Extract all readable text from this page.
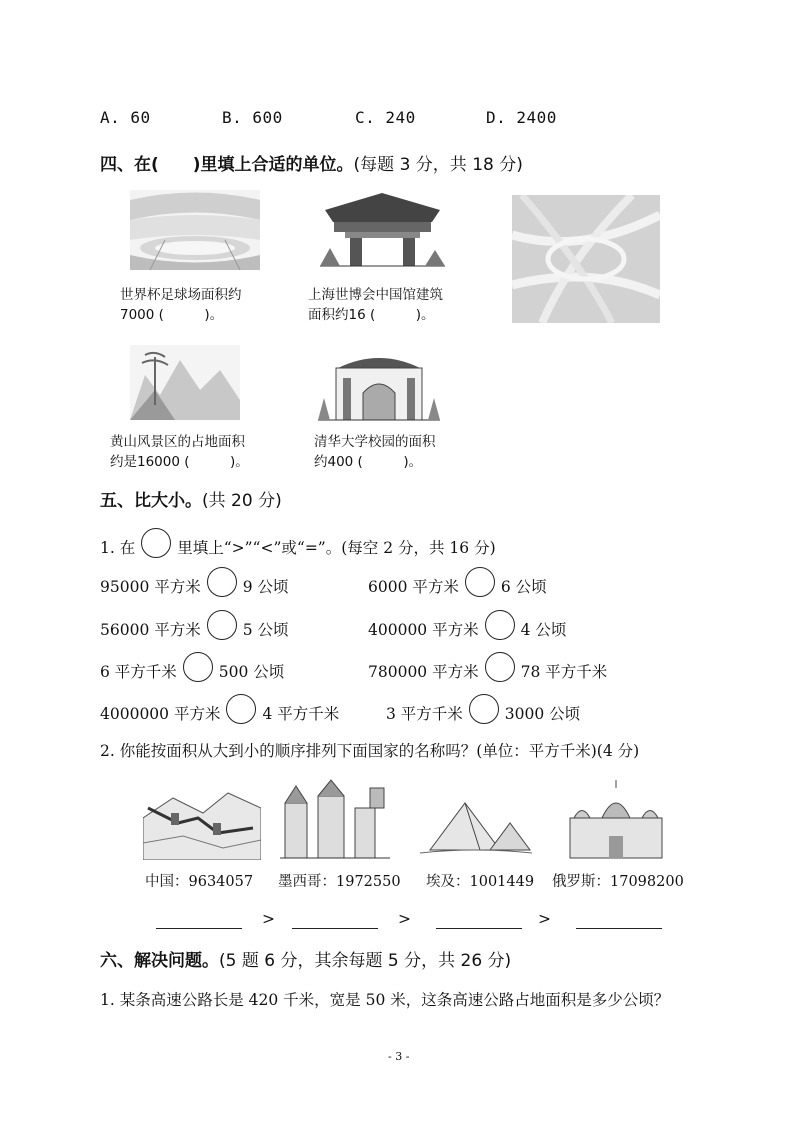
A. 60	B. 600	C. 240	D. 2400
四、在(　　)里填上合适的单位。(每题 3 分，共 18 分)
世界杯足球场面积约
7000 (　　　)。
上海世博会中国馆建筑
面积约16 (　　　)。
黄山风景区的占地面积
约是16000 (　　　)。
清华大学校园的面积
约400 (　　　)。
五、比大小。(共 20 分)
1. 在	里填上“>”“<”或“=”。(每空 2 分，共 16 分)
95000 平方米	9 公顷	6000 平方米	6 公顷
56000 平方米	5 公顷	400000 平方米	4 公顷
6 平方千米	500 公顷	780000 平方米	78 平方千米
4000000 平方米	4 平方千米	3 平方千米	3000 公顷
2. 你能按面积从大到小的顺序排列下面国家的名称吗？(单位：平方千米)(4 分)
中国：9634057 墨西哥：1972550 埃及：1001449 俄罗斯：17098200
>	>	>
六、解决问题。(5 题 6 分，其余每题 5 分，共 26 分)
1. 某条高速公路长是 420 千米，宽是 50 米，这条高速公路占地面积是多少公顷？
- 3 -
